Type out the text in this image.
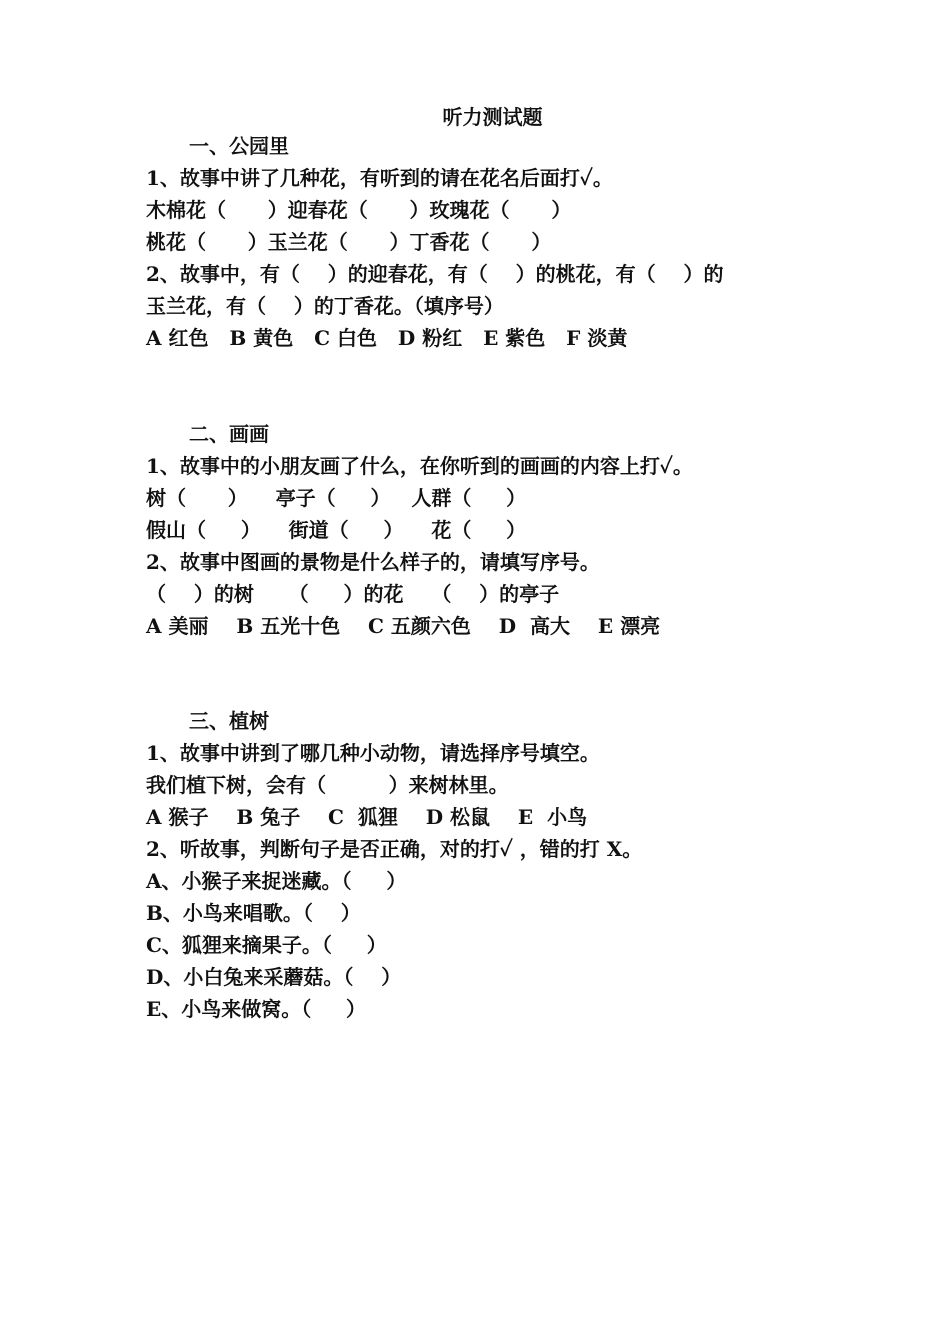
听力测试题
一、公园里
1、故事中讲了几种花，有听到的请在花名后面打✓。
木棉花（      ）迎春花（      ）玫瑰花（      ）
桃花（      ）玉兰花（      ）丁香花（      ）
2、故事中，有（    ）的迎春花，有（    ）的桃花，有（    ）的
玉兰花，有（    ）的丁香花。（填序号）
A 红色   B 黄色   C 白色   D 粉红   E 紫色   F 淡黄
二、画画
1、故事中的小朋友画了什么，在你听到的画画的内容上打✓。
树（      ）    亭子（     ）   人群（     ）
假山（     ）    街道（     ）    花（     ）
2、故事中图画的景物是什么样子的，请填写序号。
（    ）的树     （     ）的花    （    ）的亭子
A 美丽    B 五光十色    C 五颜六色    D  高大    E 漂亮
三、植树
1、故事中讲到了哪几种小动物，请选择序号填空。
我们植下树，会有（         ）来树林里。
A 猴子    B 兔子    C  狐狸    D 松鼠    E  小鸟
2、听故事，判断句子是否正确，对的打✓ ，错的打 X。
A、小猴子来捉迷藏。（     ）
B、小鸟来唱歌。（    ）
C、狐狸来摘果子。（     ）
D、小白兔来采蘑菇。（    ）
E、小鸟来做窝。（     ）
